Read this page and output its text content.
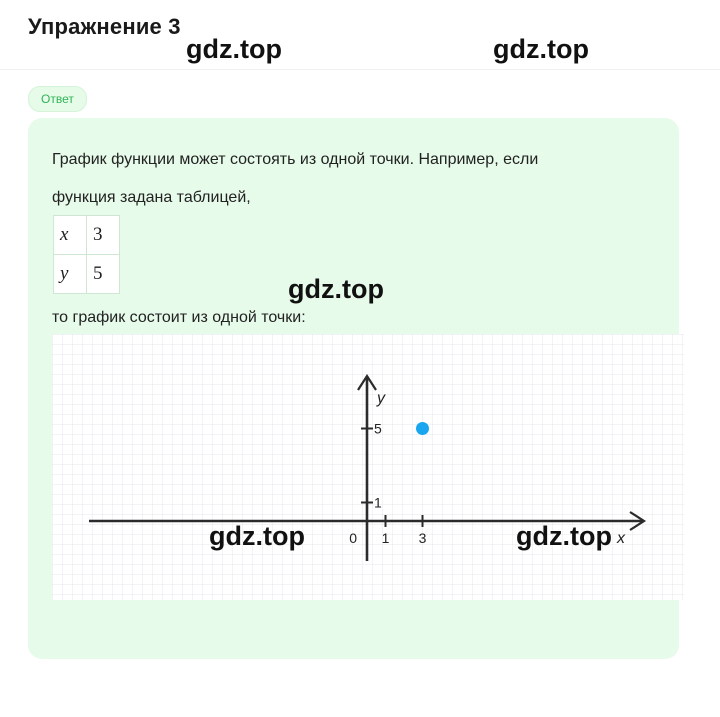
Упражнение 3
gdz.top	gdz.top
Ответ
График функции может состоять из одной точки. Например, если
функция задана таблицей,
x	3
y	5
gdz.top
то график состоит из одной точки:
1 3
1
5
0	x
y
gdz.top	gdz.top
